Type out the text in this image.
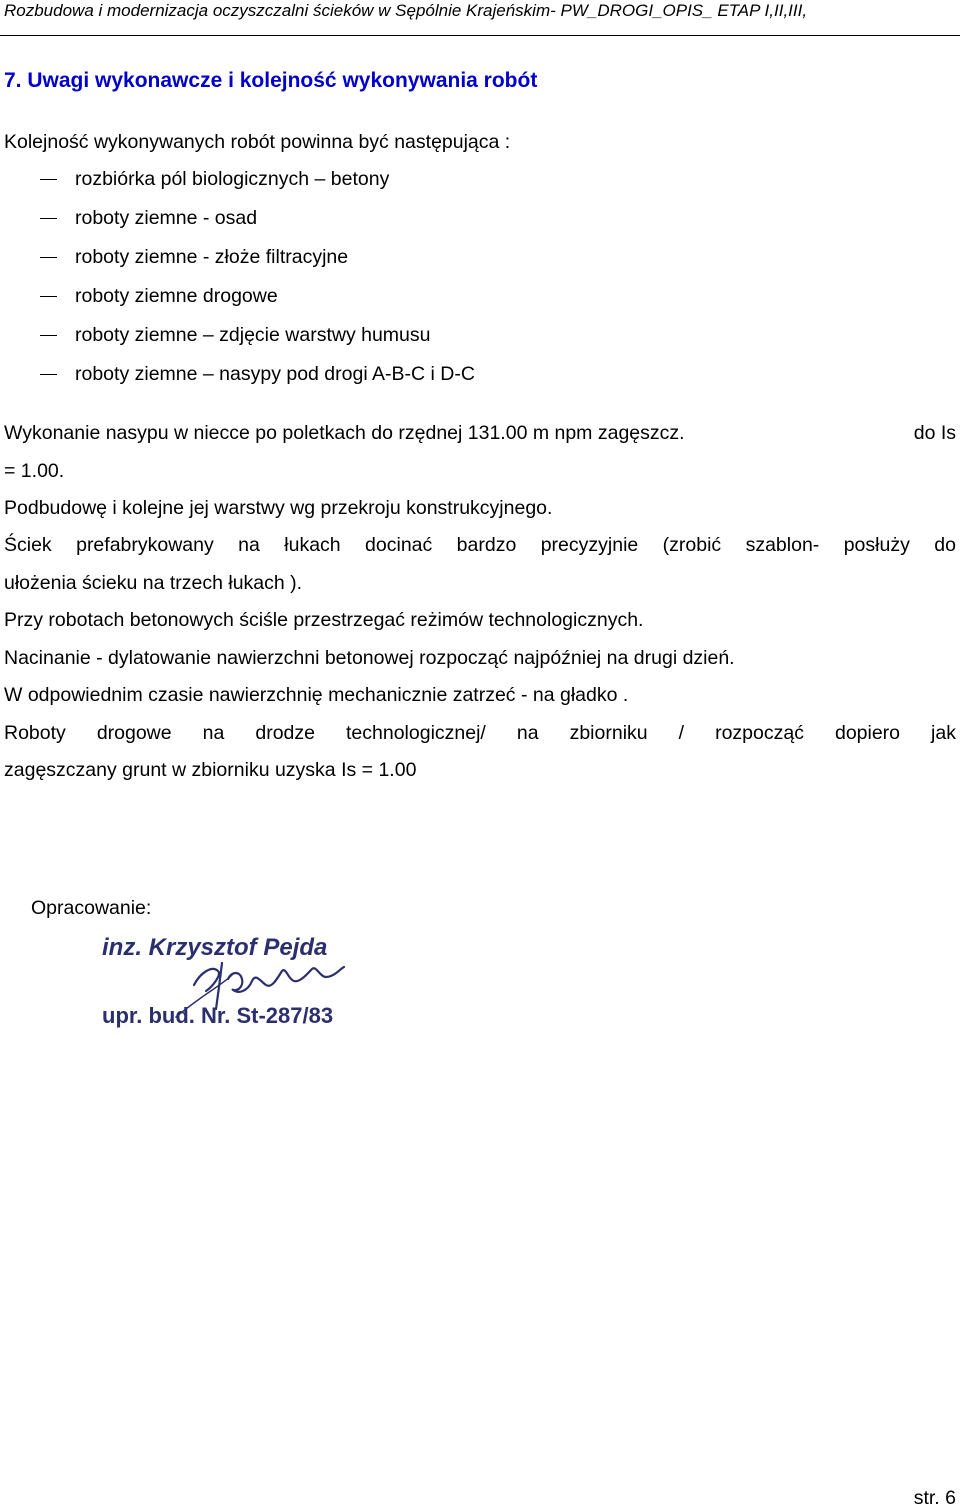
Rozbudowa i modernizacja oczyszczalni ścieków w Sępólnie Krajeńskim- PW_DROGI_OPIS_ ETAP I,II,III,
7. Uwagi wykonawcze i kolejność wykonywania robót
Kolejność wykonywanych robót powinna być następująca :
rozbiórka pól biologicznych – betony
roboty ziemne - osad
roboty ziemne - złoże filtracyjne
roboty ziemne drogowe
roboty ziemne – zdjęcie warstwy humusu
roboty ziemne – nasypy pod drogi A-B-C i D-C
Wykonanie nasypu w niecce po poletkach do rzędnej 131.00 m npm zagęszcz.	do Is
= 1.00.
Podbudowę i kolejne jej warstwy wg przekroju konstrukcyjnego.
Ściek prefabrykowany na łukach docinać bardzo precyzyjnie (zrobić szablon- posłuży do
ułożenia ścieku na trzech łukach ).
Przy robotach betonowych ściśle przestrzegać reżimów technologicznych.
Nacinanie - dylatowanie nawierzchni betonowej rozpocząć najpóźniej na drugi dzień.
W odpowiednim czasie nawierzchnię mechanicznie zatrzeć - na gładko .
Roboty drogowe na drodze technologicznej/ na zbiorniku / rozpocząć dopiero jak
zagęszczany grunt w zbiorniku uzyska Is = 1.00
Opracowanie:
inz. Krzysztof Pejda
upr. bud. Nr. St-287/83
str. 6
